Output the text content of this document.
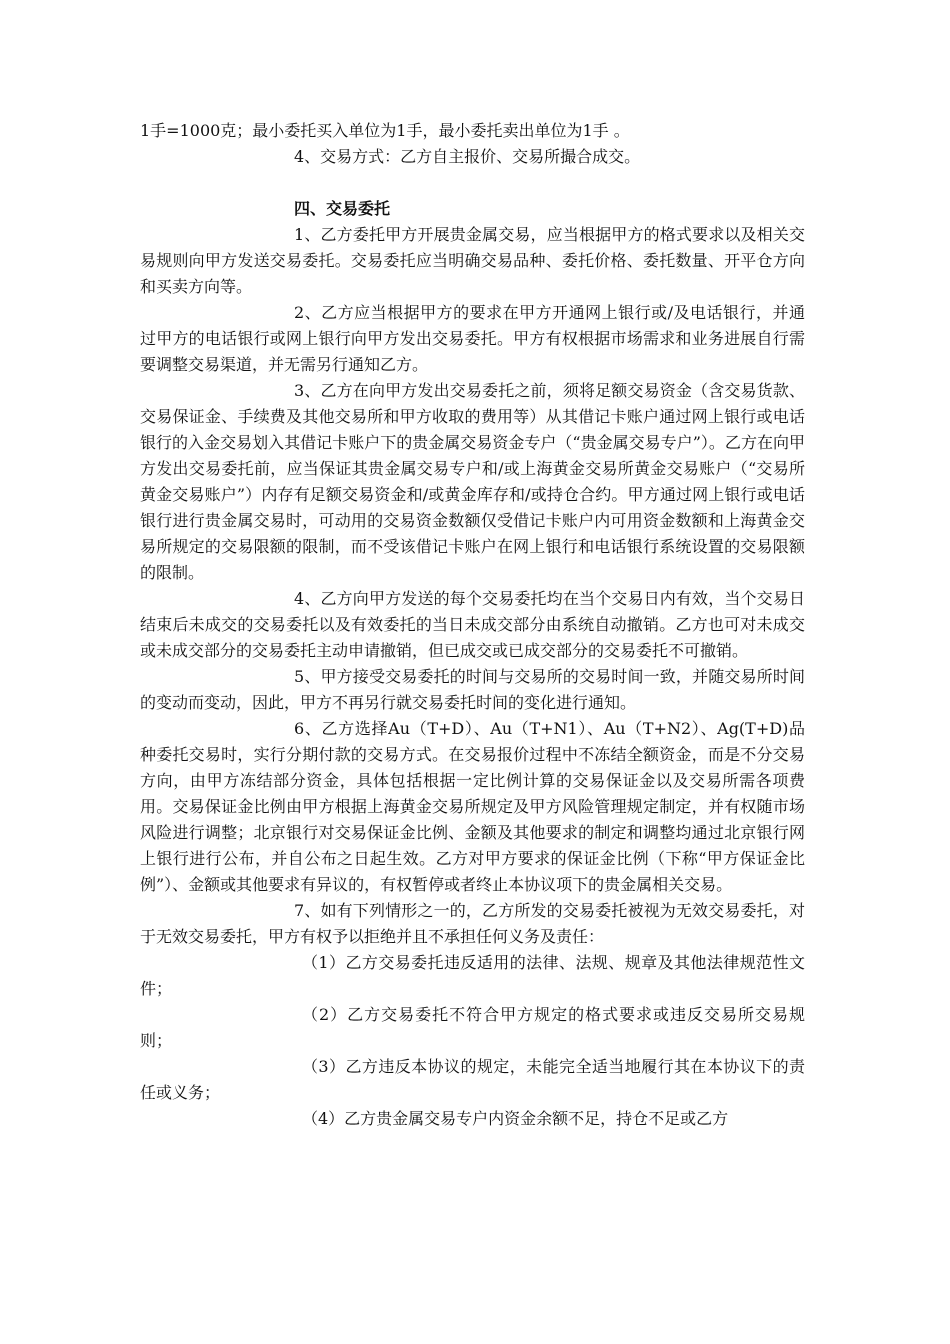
1手=1000克；最小委托买入单位为1手，最小委托卖出单位为1手 。

4、交易方式：乙方自主报价、交易所撮合成交。

四、交易委托

1、乙方委托甲方开展贵金属交易，应当根据甲方的格式要求以及相关交易规则向甲方发送交易委托。交易委托应当明确交易品种、委托价格、委托数量、开平仓方向和买卖方向等。

2、乙方应当根据甲方的要求在甲方开通网上银行或/及电话银行，并通过甲方的电话银行或网上银行向甲方发出交易委托。甲方有权根据市场需求和业务进展自行需要调整交易渠道，并无需另行通知乙方。

3、乙方在向甲方发出交易委托之前，须将足额交易资金（含交易货款、交易保证金、手续费及其他交易所和甲方收取的费用等）从其借记卡账户通过网上银行或电话银行的入金交易划入其借记卡账户下的贵金属交易资金专户（“贵金属交易专户”）。乙方在向甲方发出交易委托前，应当保证其贵金属交易专户和/或上海黄金交易所黄金交易账户（“交易所黄金交易账户”）内存有足额交易资金和/或黄金库存和/或持仓合约。甲方通过网上银行或电话银行进行贵金属交易时，可动用的交易资金数额仅受借记卡账户内可用资金数额和上海黄金交易所规定的交易限额的限制，而不受该借记卡账户在网上银行和电话银行系统设置的交易限额的限制。

4、乙方向甲方发送的每个交易委托均在当个交易日内有效，当个交易日结束后未成交的交易委托以及有效委托的当日未成交部分由系统自动撤销。乙方也可对未成交或未成交部分的交易委托主动申请撤销，但已成交或已成交部分的交易委托不可撤销。

5、甲方接受交易委托的时间与交易所的交易时间一致，并随交易所时间的变动而变动，因此，甲方不再另行就交易委托时间的变化进行通知。

6、乙方选择Au（T+D）、Au（T+N1）、Au（T+N2）、Ag(T+D)品种委托交易时，实行分期付款的交易方式。在交易报价过程中不冻结全额资金，而是不分交易方向，由甲方冻结部分资金，具体包括根据一定比例计算的交易保证金以及交易所需各项费用。交易保证金比例由甲方根据上海黄金交易所规定及甲方风险管理规定制定，并有权随市场风险进行调整；北京银行对交易保证金比例、金额及其他要求的制定和调整均通过北京银行网上银行进行公布，并自公布之日起生效。乙方对甲方要求的保证金比例（下称“甲方保证金比例”）、金额或其他要求有异议的，有权暂停或者终止本协议项下的贵金属相关交易。

7、如有下列情形之一的，乙方所发的交易委托被视为无效交易委托，对于无效交易委托，甲方有权予以拒绝并且不承担任何义务及责任：

（1）乙方交易委托违反适用的法律、法规、规章及其他法律规范性文件；

（2）乙方交易委托不符合甲方规定的格式要求或违反交易所交易规则；

（3）乙方违反本协议的规定，未能完全适当地履行其在本协议下的责任或义务；

（4）乙方贵金属交易专户内资金余额不足，持仓不足或乙方
